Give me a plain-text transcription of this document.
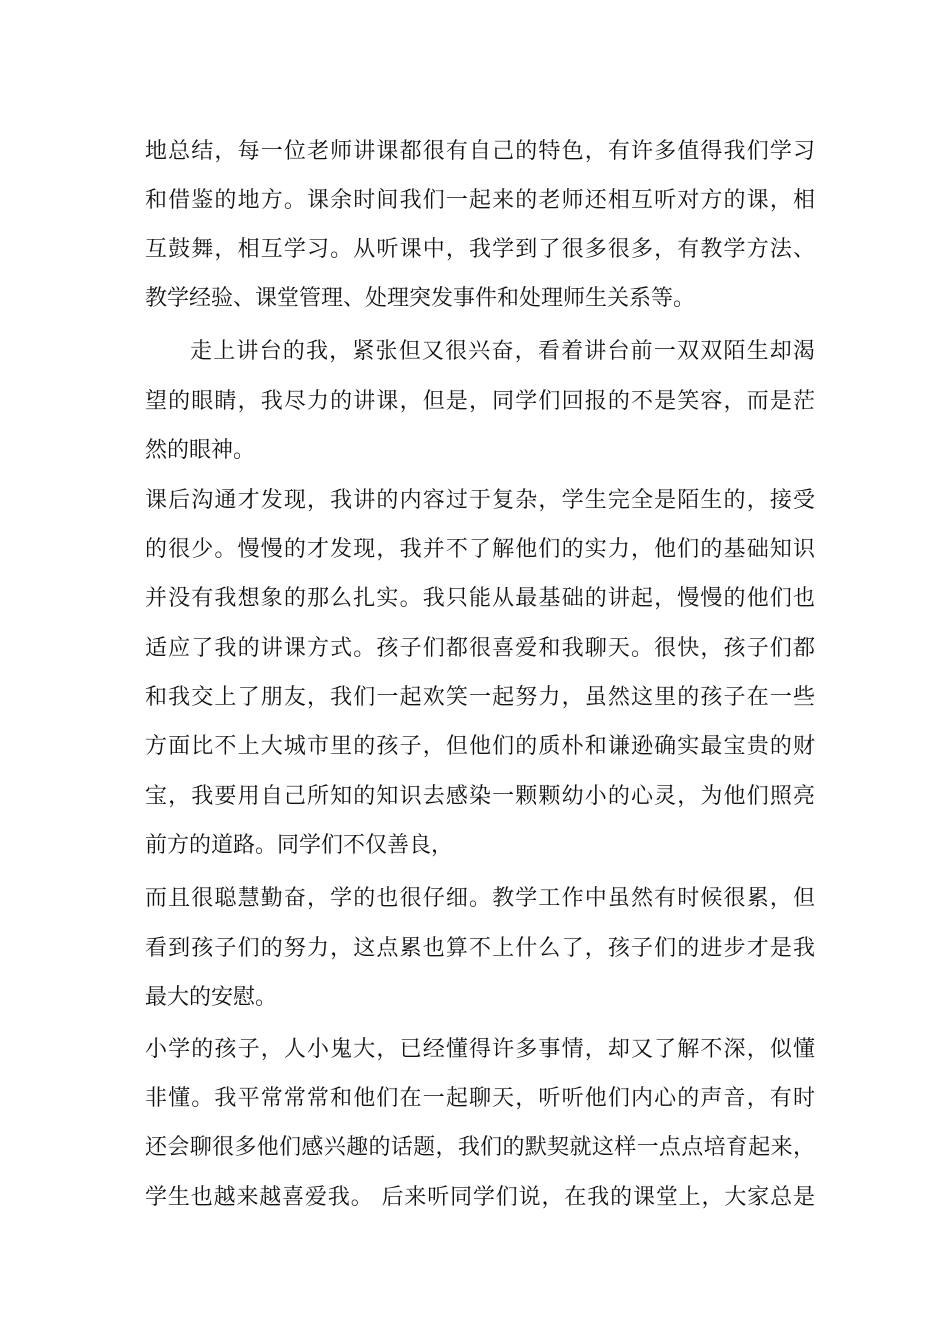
地总结，每一位老师讲课都很有自己的特色，有许多值得我们学习
和借鉴的地方。课余时间我们一起来的老师还相互听对方的课，相
互鼓舞，相互学习。从听课中，我学到了很多很多，有教学方法、
教学经验、课堂管理、处理突发事件和处理师生关系等。
走上讲台的我，紧张但又很兴奋，看着讲台前一双双陌生却渴
望的眼睛，我尽力的讲课，但是，同学们回报的不是笑容，而是茫
然的眼神。
课后沟通才发现，我讲的内容过于复杂，学生完全是陌生的，接受
的很少。慢慢的才发现，我并不了解他们的实力，他们的基础知识
并没有我想象的那么扎实。我只能从最基础的讲起，慢慢的他们也
适应了我的讲课方式。孩子们都很喜爱和我聊天。很快，孩子们都
和我交上了朋友，我们一起欢笑一起努力，虽然这里的孩子在一些
方面比不上大城市里的孩子，但他们的质朴和谦逊确实最宝贵的财
宝，我要用自己所知的知识去感染一颗颗幼小的心灵，为他们照亮
前方的道路。同学们不仅善良，
而且很聪慧勤奋，学的也很仔细。教学工作中虽然有时候很累，但
看到孩子们的努力，这点累也算不上什么了，孩子们的进步才是我
最大的安慰。
小学的孩子，人小鬼大，已经懂得许多事情，却又了解不深，似懂
非懂。我平常常常和他们在一起聊天，听听他们内心的声音，有时
还会聊很多他们感兴趣的话题，我们的默契就这样一点点培育起来，
学生也越来越喜爱我。 后来听同学们说，在我的课堂上，大家总是
